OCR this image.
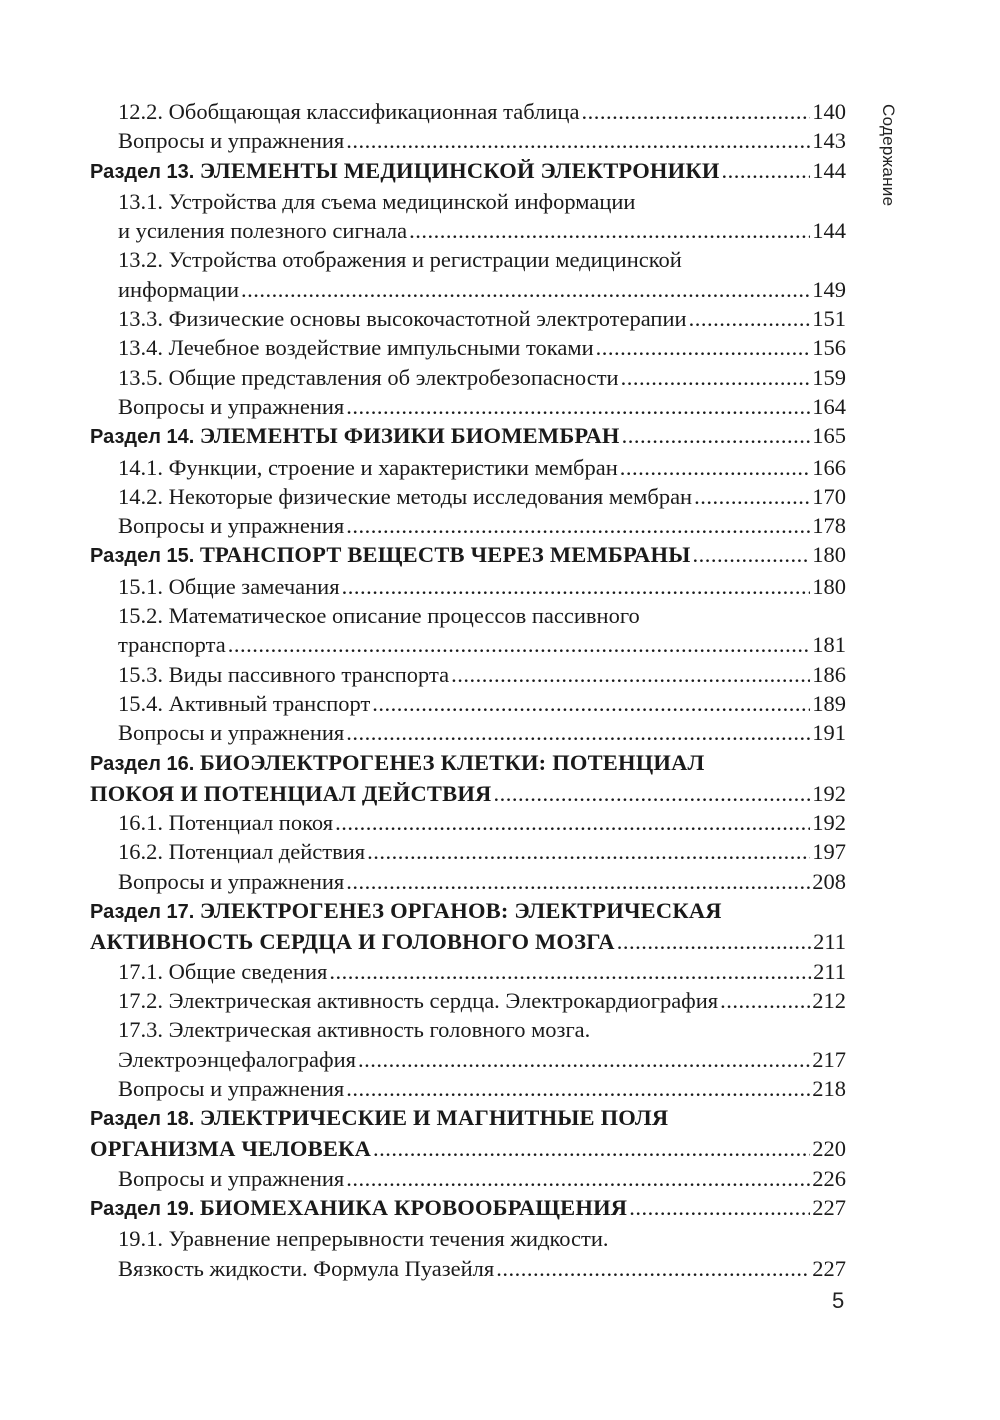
Содержание
12.2. Обобщающая классификационная таблица .....	140
Вопросы и упражнения .....	143
Раздел 13. ЭЛЕМЕНТЫ МЕДИЦИНСКОЙ ЭЛЕКТРОНИКИ .....	144
13.1. Устройства для съема медицинской информации
и усиления полезного сигнала .....	144
13.2. Устройства отображения и регистрации медицинской
информации .....	149
13.3. Физические основы высокочастотной электротерапии .....	151
13.4. Лечебное воздействие импульсными токами .....	156
13.5. Общие представления об электробезопасности .....	159
Вопросы и упражнения .....	164
Раздел 14. ЭЛЕМЕНТЫ ФИЗИКИ БИОМЕМБРАН .....	165
14.1. Функции, строение и характеристики мембран .....	166
14.2. Некоторые физические методы исследования мембран .....	170
Вопросы и упражнения .....	178
Раздел 15. ТРАНСПОРТ ВЕЩЕСТВ ЧЕРЕЗ МЕМБРАНЫ .....	180
15.1. Общие замечания .....	180
15.2. Математическое описание процессов пассивного
транспорта .....	181
15.3. Виды пассивного транспорта .....	186
15.4. Активный транспорт .....	189
Вопросы и упражнения .....	191
Раздел 16. БИОЭЛЕКТРОГЕНЕЗ КЛЕТКИ: ПОТЕНЦИАЛ
ПОКОЯ И ПОТЕНЦИАЛ ДЕЙСТВИЯ .....	192
16.1. Потенциал покоя .....	192
16.2. Потенциал действия .....	197
Вопросы и упражнения .....	208
Раздел 17. ЭЛЕКТРОГЕНЕЗ ОРГАНОВ: ЭЛЕКТРИЧЕСКАЯ
АКТИВНОСТЬ СЕРДЦА И ГОЛОВНОГО МОЗГА .....	211
17.1. Общие сведения .....	211
17.2. Электрическая активность сердца. Электрокардиография .....	212
17.3. Электрическая активность головного мозга.
Электроэнцефалография .....	217
Вопросы и упражнения .....	218
Раздел 18. ЭЛЕКТРИЧЕСКИЕ И МАГНИТНЫЕ ПОЛЯ
ОРГАНИЗМА ЧЕЛОВЕКА .....	220
Вопросы и упражнения .....	226
Раздел 19. БИОМЕХАНИКА КРОВООБРАЩЕНИЯ .....	227
19.1. Уравнение непрерывности течения жидкости.
Вязкость жидкости. Формула Пуазейля .....	227
5
